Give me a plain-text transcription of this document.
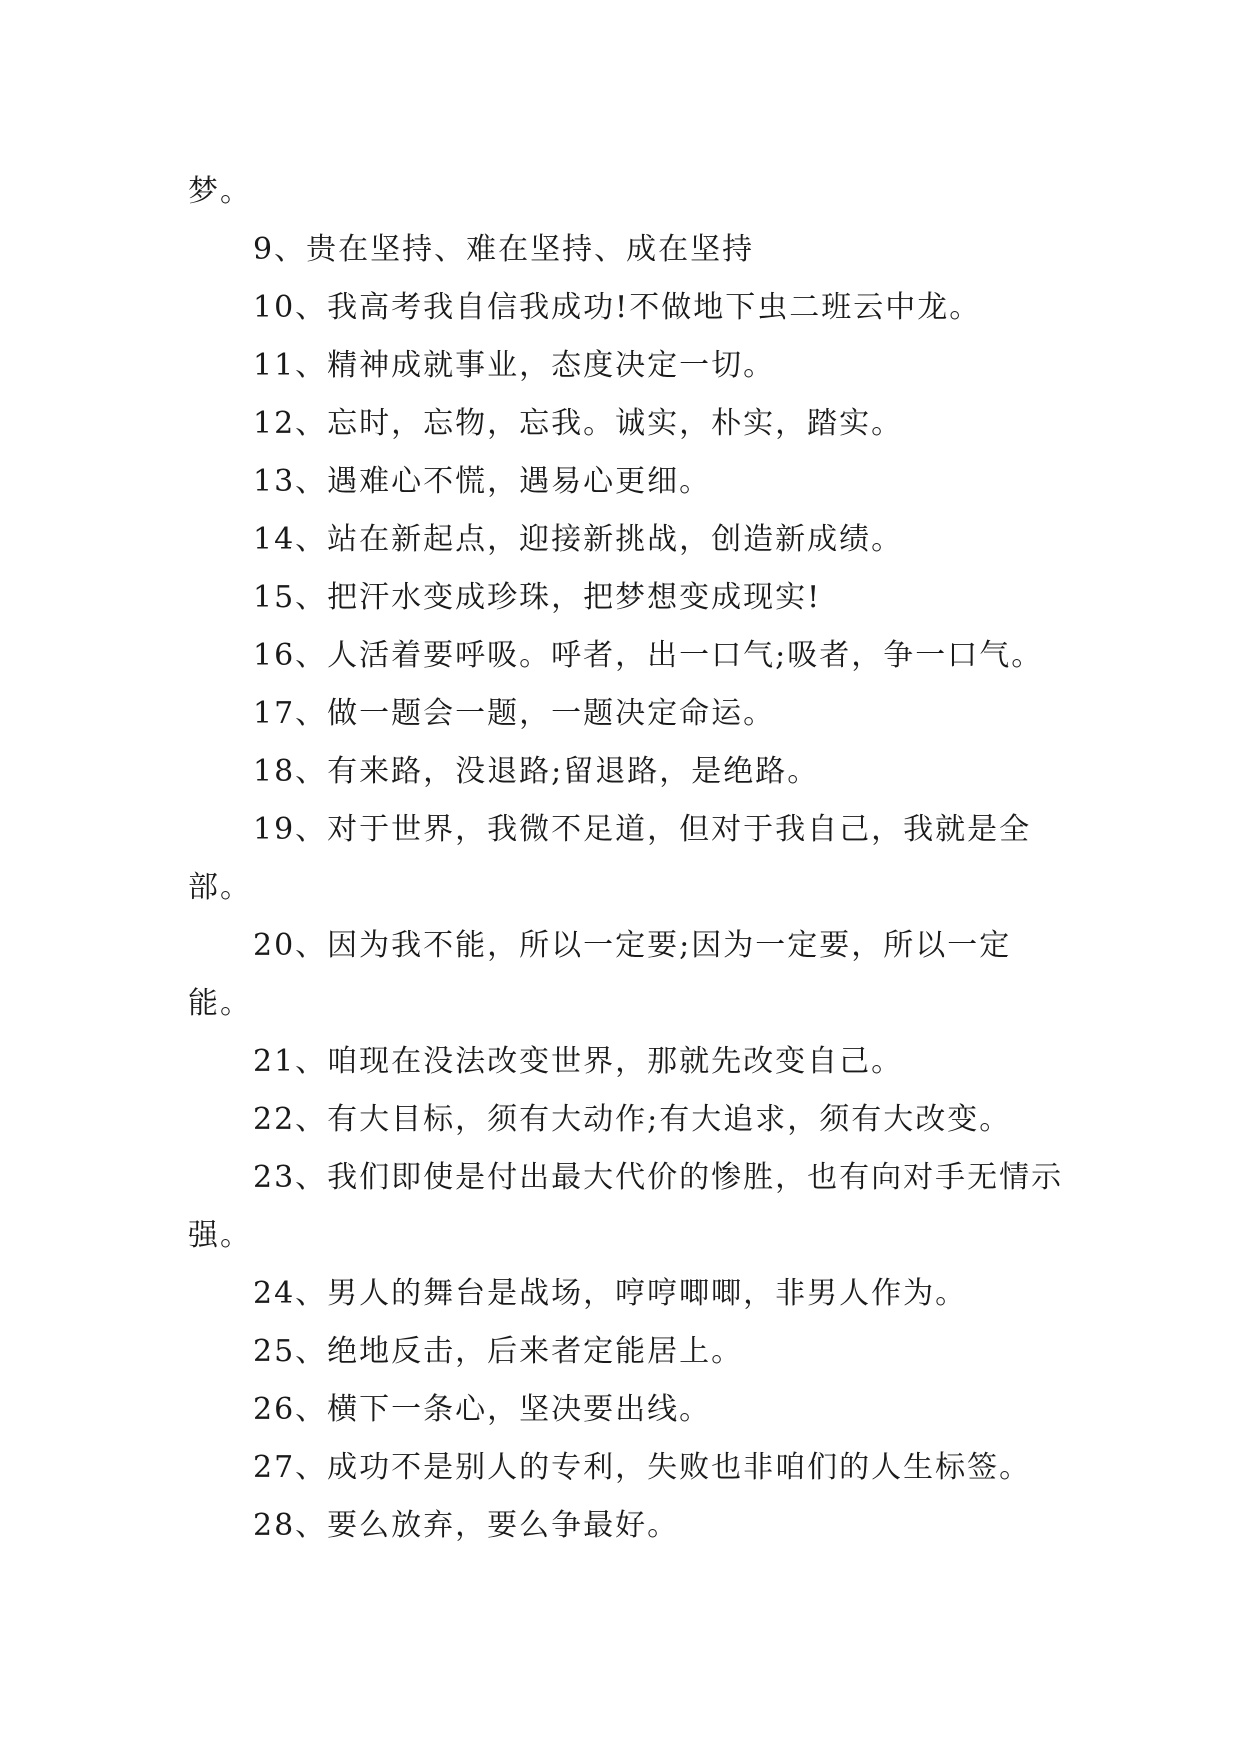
梦。

9、贵在坚持、难在坚持、成在坚持

10、我高考我自信我成功!不做地下虫二班云中龙。

11、精神成就事业，态度决定一切。

12、忘时，忘物，忘我。诚实，朴实，踏实。

13、遇难心不慌，遇易心更细。

14、站在新起点，迎接新挑战，创造新成绩。

15、把汗水变成珍珠，把梦想变成现实!

16、人活着要呼吸。呼者，出一口气;吸者，争一口气。

17、做一题会一题，一题决定命运。

18、有来路，没退路;留退路，是绝路。

19、对于世界，我微不足道，但对于我自己，我就是全部。

20、因为我不能，所以一定要;因为一定要，所以一定能。

21、咱现在没法改变世界，那就先改变自己。

22、有大目标，须有大动作;有大追求，须有大改变。

23、我们即使是付出最大代价的惨胜，也有向对手无情示强。

24、男人的舞台是战场，哼哼唧唧，非男人作为。

25、绝地反击，后来者定能居上。

26、横下一条心，坚决要出线。

27、成功不是别人的专利，失败也非咱们的人生标签。

28、要么放弃，要么争最好。
